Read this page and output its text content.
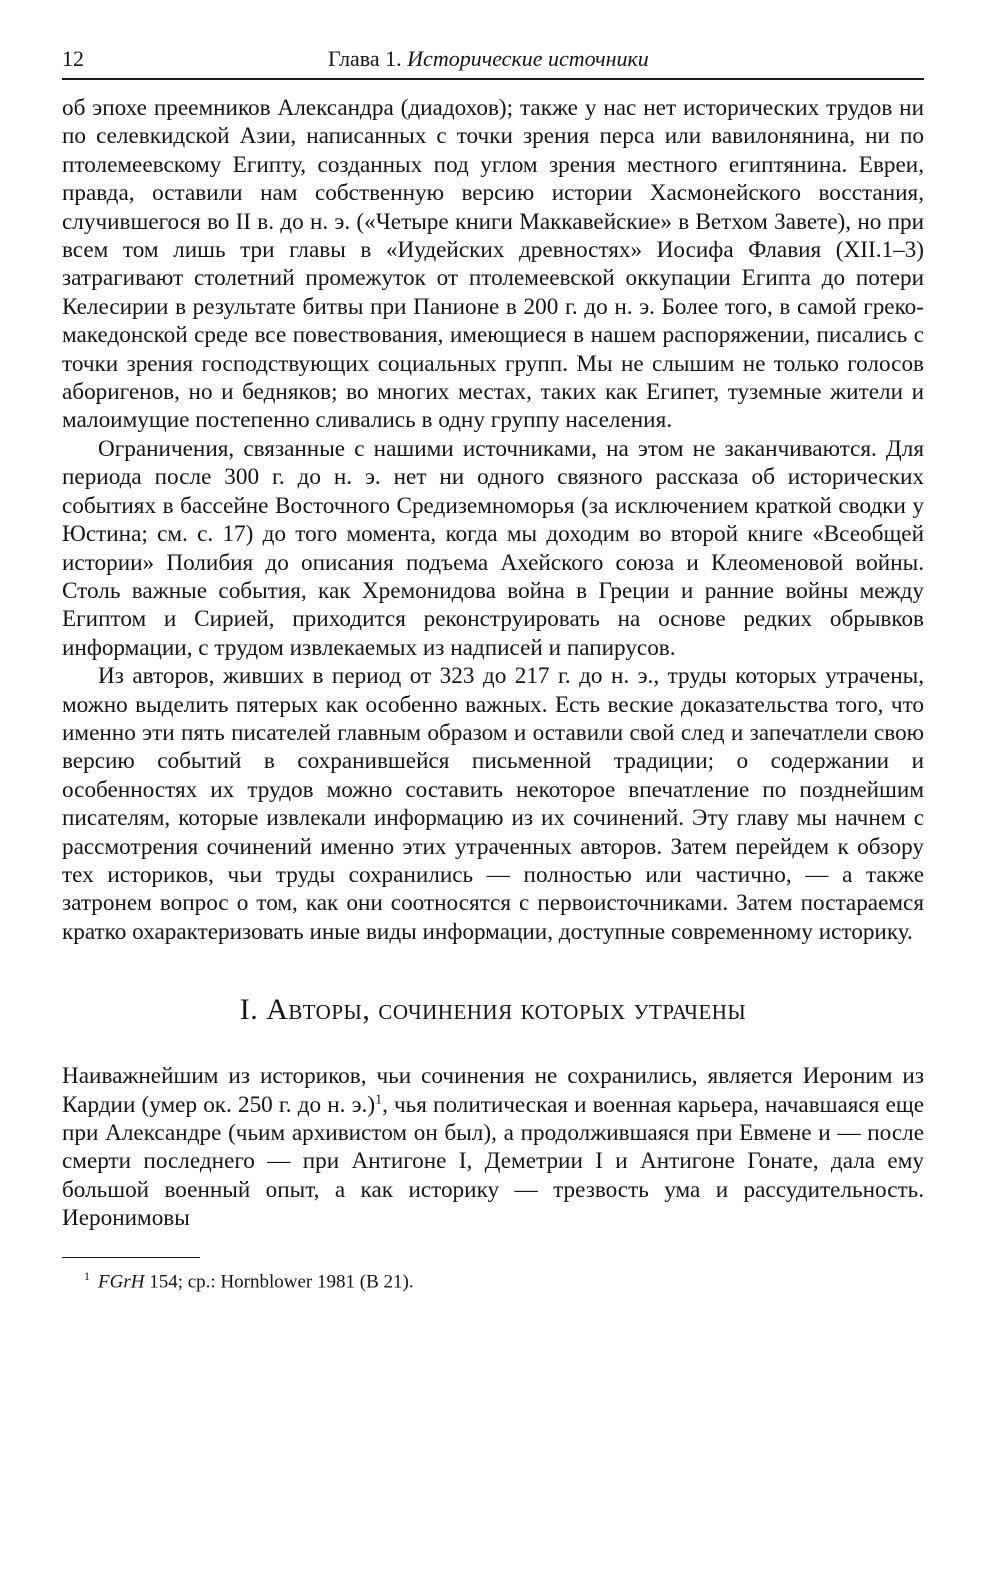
12	Глава 1. Исторические источники

об эпохе преемников Александра (диадохов); также у нас нет исторических трудов ни по селевкидской Азии, написанных с точки зрения перса или вавилонянина, ни по птолемеевскому Египту, созданных под углом зрения местного египтянина. Евреи, правда, оставили нам собственную версию истории Хасмонейского восстания, случившегося во II в. до н. э. («Четыре книги Маккавейские» в Ветхом Завете), но при всем том лишь три главы в «Иудейских древностях» Иосифа Флавия (XII.1–3) затрагивают столетний промежуток от птолемеевской оккупации Египта до потери Келесирии в результате битвы при Панионе в 200 г. до н. э. Более того, в самой греко-македонской среде все повествования, имеющиеся в нашем распоряжении, писались с точки зрения господствующих социальных групп. Мы не слышим не только голосов аборигенов, но и бедняков; во многих местах, таких как Египет, туземные жители и малоимущие постепенно сливались в одну группу населения.

Ограничения, связанные с нашими источниками, на этом не заканчиваются. Для периода после 300 г. до н. э. нет ни одного связного рассказа об исторических событиях в бассейне Восточного Средиземноморья (за исключением краткой сводки у Юстина; см. с. 17) до того момента, когда мы доходим во второй книге «Всеобщей истории» Полибия до описания подъема Ахейского союза и Клеоменовой войны. Столь важные события, как Хремонидова война в Греции и ранние войны между Египтом и Сирией, приходится реконструировать на основе редких обрывков информации, с трудом извлекаемых из надписей и папирусов.

Из авторов, живших в период от 323 до 217 г. до н. э., труды которых утрачены, можно выделить пятерых как особенно важных. Есть веские доказательства того, что именно эти пять писателей главным образом и оставили свой след и запечатлели свою версию событий в сохранившейся письменной традиции; о содержании и особенностях их трудов можно составить некоторое впечатление по позднейшим писателям, которые извлекали информацию из их сочинений. Эту главу мы начнем с рассмотрения сочинений именно этих утраченных авторов. Затем перейдем к обзору тех историков, чьи труды сохранились — полностью или частично, — а также затронем вопрос о том, как они соотносятся с первоисточниками. Затем постараемся кратко охарактеризовать иные виды информации, доступные современному историку.

I. Авторы, сочинения которых утрачены

Наиважнейшим из историков, чьи сочинения не сохранились, является Иероним из Кардии (умер ок. 250 г. до н. э.)$^1$, чья политическая и военная карьера, начавшаяся еще при Александре (чьим архивистом он был), а продолжившаяся при Евмене и — после смерти последнего — при Антигоне I, Деметрии I и Антигоне Гонате, дала ему большой военный опыт, а как историку — трезвость ума и рассудительность. Иеронимовы

$^1$ FGrH 154; ср.: Hornblower 1981 (B 21).
